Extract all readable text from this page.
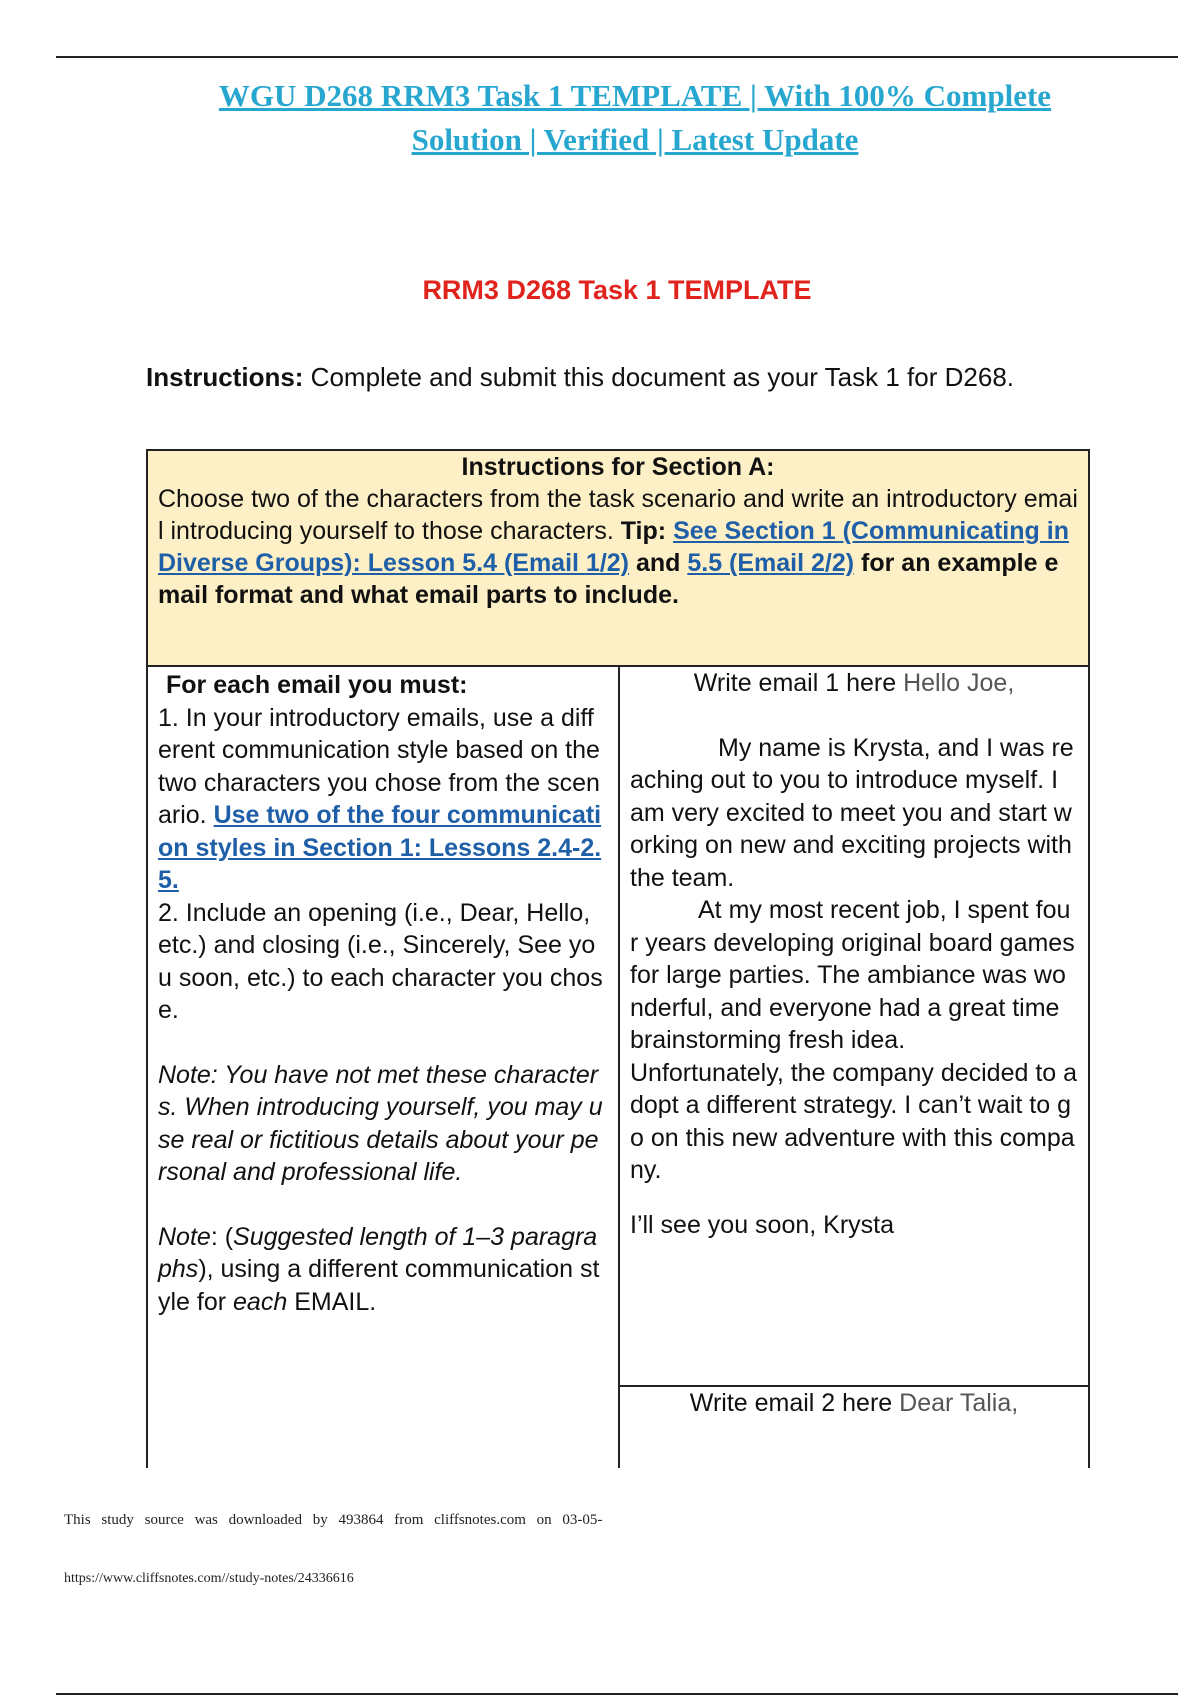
WGU D268 RRM3 Task 1 TEMPLATE | With 100% Complete
Solution | Verified | Latest Update
RRM3 D268 Task 1 TEMPLATE
Instructions: Complete and submit this document as your Task 1 for D268.
Instructions for Section A:
Choose two of the characters from the task scenario and write an introductory email introducing yourself to those characters. Tip: See Section 1 (Communicating in Diverse Groups): Lesson 5.4 (Email 1/2) and 5.5 (Email 2/2) for an example email format and what email parts to include.
For each email you must:
1. In your introductory emails, use a different communication style based on the two characters you chose from the scenario. Use two of the four communication styles in Section 1: Lessons 2.4-2.5.
2. Include an opening (i.e., Dear, Hello, etc.) and closing (i.e., Sincerely, See you soon, etc.) to each character you chose.
Note: You have not met these characters. When introducing yourself, you may use real or fictitious details about your personal and professional life.
Note: (Suggested length of 1–3 paragraphs), using a different communication style for each EMAIL.
Write email 1 here Hello Joe,
My name is Krysta, and I was reaching out to you to introduce myself. I am very excited to meet you and start working on new and exciting projects with the team.
At my most recent job, I spent four years developing original board games for large parties. The ambiance was wonderful, and everyone had a great time brainstorming fresh idea.
Unfortunately, the company decided to adopt a different strategy. I can’t wait to go on this new adventure with this company.
I’ll see you soon, Krysta
Write email 2 here Dear Talia,
This study source was downloaded by 493864 from cliffsnotes.com on 03-05-
https://www.cliffsnotes.com//study-notes/24336616
